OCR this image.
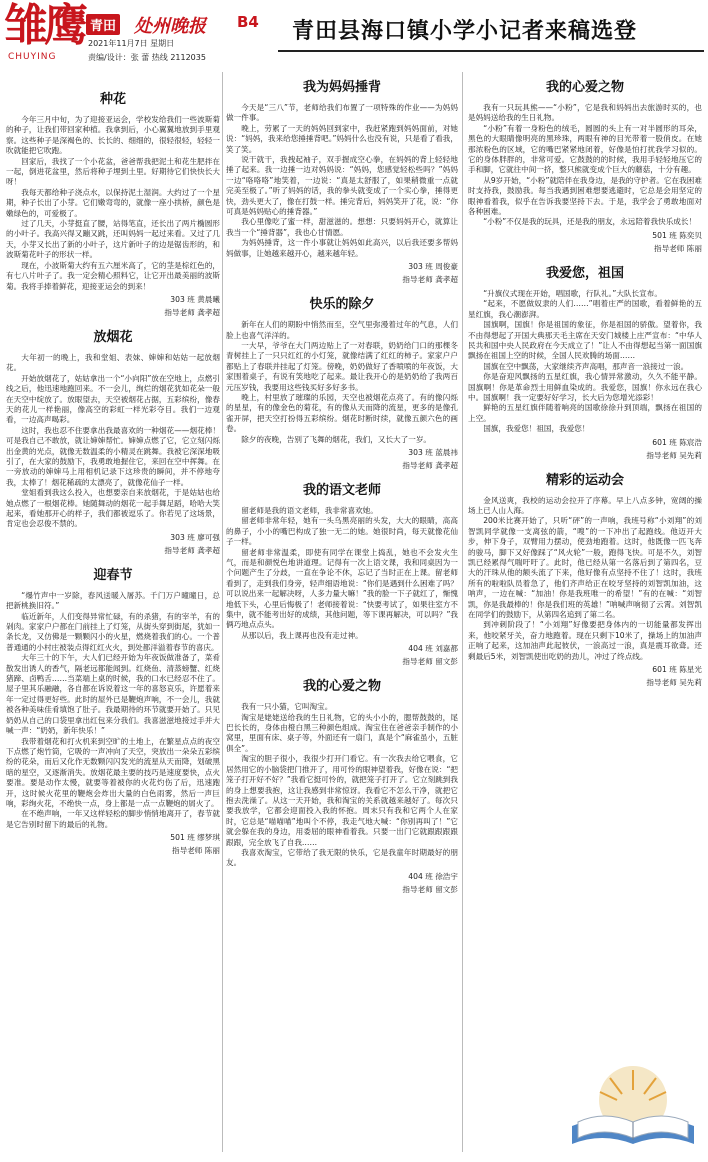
雏鹰
CHUYING
青田 处州晚报 B4
2021年11月7日 星期日
责编/设计：张 蕾 热线 2112035
青田县海口镇小学小记者来稿选登
种花

今年三月中旬，为了迎接亚运会，学校发给我们一些波斯菊的种子，让我们带回家种植。我拿到后，小心翼翼地放到手里观察。这些种子是深褐色的、长长的、细细的，很轻很轻，轻轻一吹就能把它吹跑。

回家后，我找了一个小花盆，爸爸帮我把泥土和花生肥拌在一起，倒进花盆里，然后将种子埋到土里。好期待它们快快长大呀！

我每天都给种子浇点水，以保持泥土湿润。大约过了一个星期，种子长出了小芽。它们嫩弯弯的，就像一座小拱桥，颜色是嫩绿色的，可爱极了。

过了几天，小芽挺直了腰，站得笔直，还长出了两片椭圆形的小叶子。我高兴得又蹦又跳，还叫妈妈一起过来看。又过了几天，小芽又长出了新的小叶子，这片新叶子的边是锯齿形的，和波斯菊花叶子的形状一样。

现在，小波斯菊大约有五六厘米高了，它的茎是棕红色的，有七八片叶子了。我一定会精心照料它，让它开出最美丽的波斯菊。我将手捧着鲜花，迎接亚运会的到来！

303 班 黄晨曦
指导老师 龚孝超
放烟花

大年初一的晚上，我和堂姐、表妹、婶婶和姑姑一起放烟花。

开始放烟花了，姑姑拿出一个“小向阳”放在空地上，点燃引线之后，他迅速地跑回来。不一会儿，绚烂的烟花犹如花朵一般在天空中绽放了。放眼望去，天空被烟花占据，五彩缤纷，像春天的花儿一样艳丽，像高空的彩虹一样光彩夺目。我们一边观看，一边高声喝彩。

这时，我也忍不住要拿出我最喜欢的一种烟花——烟花棒！可是我自己不敢放，就让婶婶帮忙。婶婶点燃了它，它立刻闪烁出金黄的光点，就像无数温柔的小精灵在跳舞。我被它深深地吸引了，在大家的鼓励下，我勇敢地握住它，来回在空中挥舞。在一旁放动的婶婶马上用相机记录下这珍贵的瞬间，并不停地夸我，太棒了！烟花稀疏的太漂亮了，就像花仙子一样。

堂姐看到我这么投入，也想要亲自来放烟花，于是姑姑也给她点燃了一根烟花棒。她随舞动的烟花一起手舞足蹈，哈哈大笑起来，看她那开心的样子，我们都被逗乐了。你若见了这场景，肯定也会忍俊不禁的。

303 班 廖可强
指导老师 龚孝超
迎春节

“爆竹声中一岁除，春风送暖入屠苏。千门万户曈曈日，总把新桃换旧符。”

临近新年，人们变得异常忙碌，有的杀猪，有的宰羊，有的剁肉。家家户户都在门前挂上了灯笼，从街头穿到街尾，犹如一条长龙，又仿佛是一颗颗闪小的火星，燃烧着我们的心。一个普普通通的小村庄被装点得红红火火，到处都洋溢着春节的喜庆。

大年三十的下午，大人们已经开始为年夜饭做准备了，菜肴散发出诱人的香气，隔老远都能闻到。红烧鱼、清蒸螃蟹、红烧猪蹄、卤鸭舌……当菜端上桌的时候，我的口水已经忍不住了。屋子里其乐融融，各自都在诉说着这一年的喜怒哀乐，许愿着来年一定过得更好些。此时的屋外已是鞭炮声响，不一会儿，我就被各种美味佳肴填饱了肚子。我最期待的环节就要开始了。只见奶奶从自己的口袋里拿出红包来分我们。我喜滋滋地接过手并大喊一声：“奶奶，新年快乐！”

我带着烟花和打火机来到空旷的土地上，在繁星点点的夜空下点燃了炮竹筒，它吸的一声冲向了天空，突放出一朵朵五彩缤纷的花朵，而后又化作无数颗闪闪发光的流星从天而降，划破黑暗的星空，又逐渐消失。放烟花最主要的技巧是速度要快，点火要准。要是动作太慢，就要等着被你的火花灼伤了后，迅速跑开，这时候火花里的鞭炮会炸出大量的白色雨雾，然后一声巨响，彩绚火花，不绝快一点，身上都是一点一点鞭炮的屑火了。

在不绝声响，一年又这样轻松的脚步悄悄地离开了，春节就是它告别时留下的最后的礼物。

501 班 缪梦琪
指导老师 陈丽
我为妈妈捶背

今天是“三八”节，老师给我们布置了一项特殊的作业——为妈妈做一件事。

晚上，劳累了一天的妈妈回到家中，我赶紧跑到妈妈面前，对她说：“妈妈，我来给您捶捶背吧。”妈妈什么也没有说，只是看了看我，笑了笑。

说干就干，我拽起袖子，双手握成空心拳，在妈妈的背上轻轻地捶了起来。我一边捶一边对妈妈说：“妈妈，您感觉轻松些吗？”妈妈一边“咯咯咯”地笑着，一边说：“真是太舒服了，如果稍微重一点就完美至极了。”听了妈妈的话，我的拳头就变成了一个实心拳，捶得更快，劲头更大了，像在打鼓一样。捶完背后，妈妈笑开了花，说：“你可真是妈妈贴心的捶背器。”

我心里像吃了蜜一样，甜滋滋的。想想：只要妈妈开心，就算让我当一个“捶背器”，我也心甘情愿。

为妈妈捶背，这一件小事就让妈妈如此高兴，以后我还要多帮妈妈做事，让她越来越开心，越来越年轻。

303 班 周俊豪
指导老师 龚孝超
快乐的除夕

新年在人们的期盼中悄然而至，空气里弥漫着过年的气息，人们脸上也喜气洋洋的。

一大早，爷爷在大门两边贴上了一对春联，奶奶给门口的那棵冬青树挂上了一只只红红的小灯笼，就像结满了红红的柿子。家家户户都贴上了春联并挂起了灯笼。傍晚，奶奶做好了香喷喷的年夜饭，大家围着桌子，有说有笑地吃了起来。最让我开心的是奶奶给了我两百元压岁钱，我要用这些钱买好多好多书。

晚上，村里放了璀璨的乐园，天空也被烟花点亮了。有的像闪烁的星星，有的像金色的菊花，有的像从天而降的流星，更多的是像孔雀开屏，把天空打扮得五彩缤纷。烟花时断时续，就像五颜六色的画卷。

除夕的夜晚，告别了飞舞的烟花，我们，又长大了一岁。

303 班 蓝晨祎
指导老师 龚孝超
我的语文老师

留老师是我的语文老师，我非常喜欢她。

留老师非常年轻，她有一头乌黑亮丽的头发，大大的眼睛，高高的鼻子，小小的嘴巴构成了独一无二的她。她很时尚，每天就像花仙子一样。

留老师非常温柔，即使有同学在课堂上捣乱，她也不会发火生气，而是和颜悦色地讲道理。记得有一次上语文课，我和同桌因为一个问题产生了分歧，一直在争论不休，忘记了当时正在上课。留老师看到了，走到我们身旁，轻声细语地说：“你们是遇到什么困难了吗？可以说出来一起解决呀，人多力量大嘛！”我的脸一下子就红了，惭愧地低下头，心里后悔极了！老师接着说：“快要考试了，如果往室方不集中，就不能考出好的成绩，其他问题，等下课再解决，可以吗？”我俩巧地点点头。

从那以后，我上课再也没有走过神。

404 班 刘嘉都
指导老师 留文彭
我的心爱之物

我有一只小猫，它叫淘宝。

淘宝是姥姥送给我的生日礼物，它的头小小的，腮帮鼓鼓的，尾巴长长的，身体由橙白黑三种颜色组成。淘宝住在爸爸亲手制作的小窝里，里面有床、桌子等，外面还有一扇门，真是个“麻雀虽小，五脏俱全”。

淘宝的胆子很小，我很少打开门看它。有一次我去给它喂食，它居然用它的小脑袋把门推开了，用可怜的眼神望着我，好像在说：“把笼子打开好不好？”我看它挺可怜的，就把笼子打开了。它立刻跳到我的身上想要我抱，这让我感到非常惊讶。我看它不怎么干净，就把它抱去洗澡了。从这一天开始，我和淘宝的关系就越来越好了。每次只要我放学，它都会迎面投入我的怀抱。周末只有我和它两个人在家时，它总是“喵喵喵”地叫个不停，我走气地大喊：“你别再叫了！”它就会躲在我的身边，用委屈的眼神看着我。只要一出门它就跟跟跟跟跟跟，完全放飞了自我……

我喜欢淘宝，它带给了我无限的快乐，它是我童年时期最好的朋友。

404 班 徐浩宇
指导老师 留文彭
我的心爱之物

我有一只玩具熊——“小粉”，它是我和妈妈出去旅游时买的，也是妈妈送给我的生日礼物。

“小粉”有着一身粉色的绒毛，圆圆的头上有一对半圆形的耳朵，黑色的大眼睛像明亮的黑珍珠，两眼有神的目光带着一股俏皮。在她那浓粉色的区域，它的嘴巴紧紧地闭着，好像是怕打扰我学习似的。它的身体胖胖的，非常可爱。它鼓鼓的的时候，我用手轻轻地压它的手和脚，它就往中间一挤，整只熊就变成个巨大的蘑菇，十分有趣。

从9岁开始，“小粉”就陪伴在我身边，是我的守护者。它在我困难时支持我，鼓励我。每当我遇到困难想要逃避时，它总是会用坚定的眼神看着我，似乎在告诉我要坚持下去。于是，我学会了勇敢地面对各种困难。

“小粉”不仅是我的玩具，还是我的朋友，永远陪着我快乐成长！

501 班 陈奕贝
指导老师 陈丽
我爱您，祖国

“升旗仪式现在开始，唱国歌，行队礼。”大队长宣布。

“起来，不愿做奴隶的人们……”唱着庄严的国歌，看着鲜艳的五星红旗，我心潮澎湃。

国旗啊，国旗！你是祖国的象征，你是祖国的骄傲。望着你，我不由得想起了开国大典那天毛主席在天安门城楼上庄严宣布：“中华人民共和国中央人民政府在今天成立了！”让人不由得想起当第一面国旗飘扬在祖国上空的时候，全国人民欢腾的场面……

国旗在空中飘荡，大家继续齐声高唱，那声音一浪接过一浪。

你是奋迎风飘扬的五星红旗，我心情异常激动，久久不能平静。国旗啊！你是革命烈士用鲜血染成的。我爱您，国旗！你永远在我心中。国旗啊！我一定要好好学习，长大后为您增光添彩！

鲜艳的五星红旗伴随着响亮的国歌徐徐升到顶端，飘扬在祖国的上空。

国旗，我爱您！祖国，我爱您！

601 班 陈宸浩
指导老师 吴先莉
精彩的运动会

金风送爽，我校的运动会拉开了序幕。早上八点多钟，宽阔的操场上已人山人海。

200米比赛开始了，只听“砰”的一声响，我班号称“小刘翔”的刘智凯同学就像一支离弦的箭，“嗖”的一下冲出了起跑线。他迈开大步，伸下身子，双臂用力摆动，使劲地跑着。这时，他既像一匹飞奔的骏马，脚下又好像踩了“风火轮”一般，跑得飞快。可是不久，刘智凯已经累得气喘吁吁了。此时，他已经从第一名落后到了第四名，豆大的汗珠从他的额头流了下来，他好像有点坚持不住了！这时，我班所有的啦啦队员着急了，他们齐声给正在咬牙坚持的刘智凯加油，这呐声，一边在喊：“加油！你是我班唯一的希望！”有的在喊：“刘智凯，你是我最棒的！你是我们班的英雄！”呐喊声响彻了云霄。刘智凯在同学们的鼓励下，从第四名追到了第二名。

到冲刺阶段了！“小刘翔”好像要把身体内的一切能量都发挥出来，他咬紧牙关，奋力地跑着。现在只剩下10米了，操场上的加油声正响了起来，这加油声此起彼伏，一浪高过一浪，真是震耳欲聋。还剩最后5米，刘智凯使出吃奶的劲儿，冲过了终点线。

601 班 陈星光
指导老师 吴先莉
